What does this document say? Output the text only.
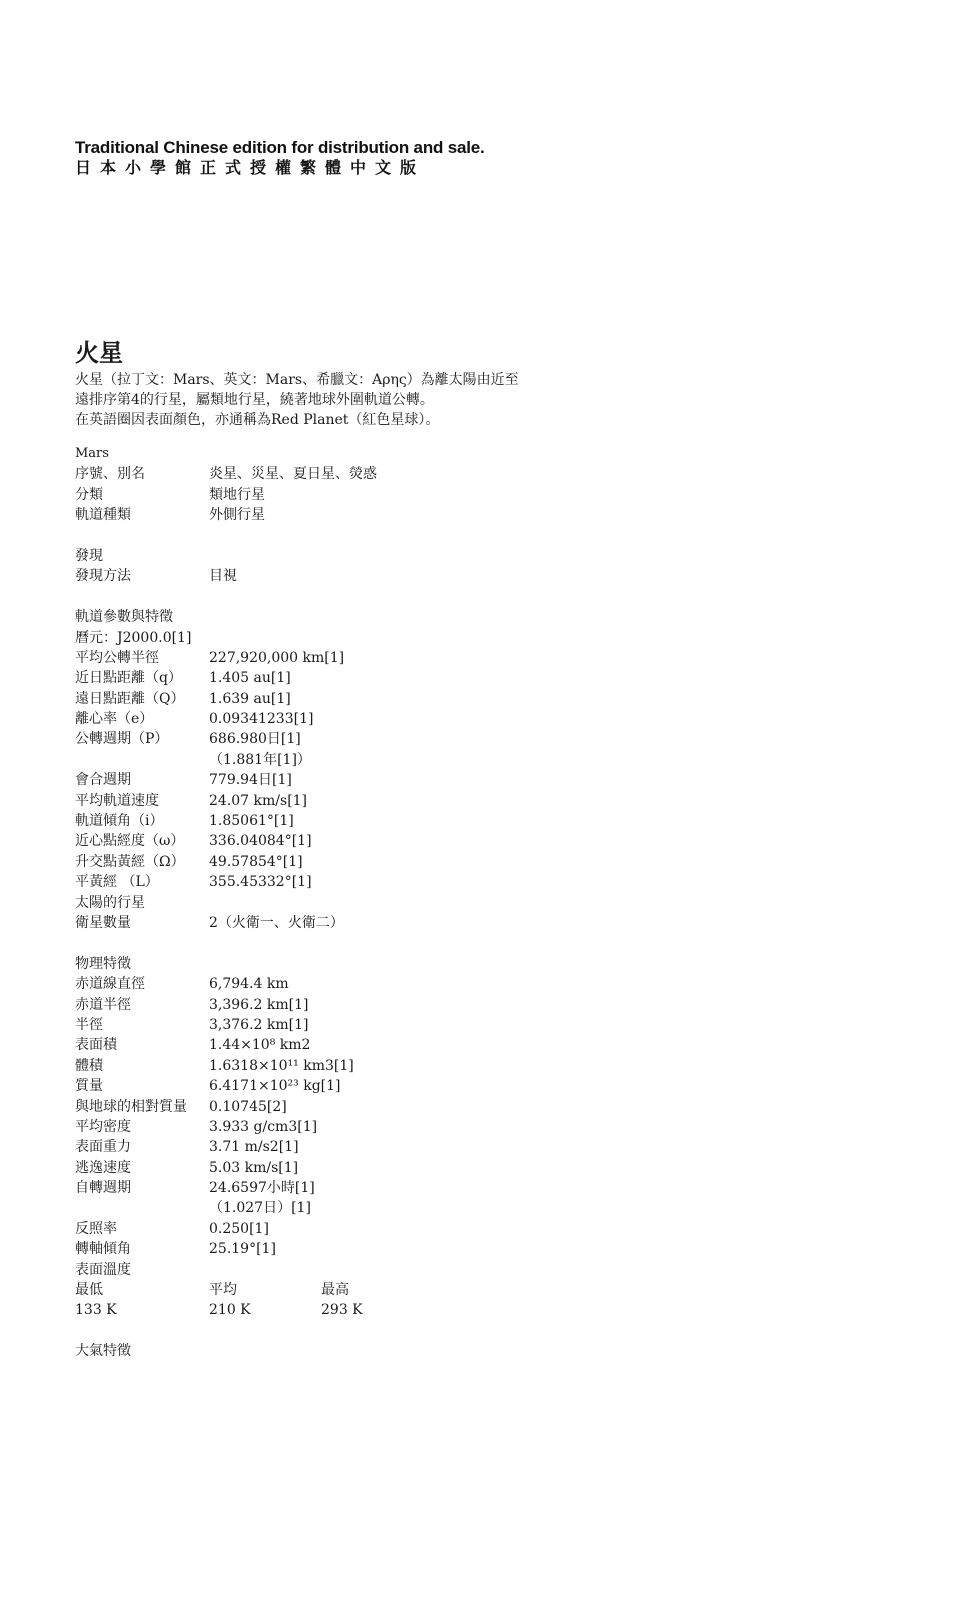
Traditional Chinese edition for distribution and sale.
日本小學館正式授權繁體中文版
火星

火星（拉丁文：Mars、英文：Mars、希臘文：Αρης）為離太陽由近至
遠排序第4的行星，屬類地行星，繞著地球外圍軌道公轉。
在英語圈因表面顏色，亦通稱為Red Planet（紅色星球）。

Mars
序號、別名	炎星、災星、夏日星、熒惑
分類	類地行星
軌道種類	外側行星
發現
發現方法	目視
軌道參數與特徵
曆元：J2000.0[1]
平均公轉半徑	227,920,000 km[1]
近日點距離（q） 1.405 au[1]
遠日點距離（Q） 1.639 au[1]
離心率（e）	0.09341233[1]
公轉週期（P）	686.980日[1]
（1.881年[1]）
會合週期	779.94日[1]
平均軌道速度	24.07 km/s[1]
軌道傾角（i）	1.85061°[1]
近心點經度（ω） 336.04084°[1]
升交點黃經（Ω） 49.57854°[1]
平黃經 （L）	355.45332°[1]
太陽的行星
衛星數量	2（火衛一、火衛二）
物理特徵
赤道線直徑	6,794.4 km
赤道半徑	3,396.2 km[1]
半徑	3,376.2 km[1]
表面積	1.44×10⁸ km2
體積	1.6318×10¹¹ km3[1]
質量	6.4171×10²³ kg[1]
與地球的相對質量 0.10745[2]
平均密度	3.933 g/cm3[1]
表面重力	3.71 m/s2[1]
逃逸速度	5.03 km/s[1]
自轉週期	24.6597小時[1]
（1.027日）[1]
反照率	0.250[1]
轉軸傾角	25.19°[1]
表面溫度
最低	平均	最高
133 K	210 K	293 K
大氣特徵
